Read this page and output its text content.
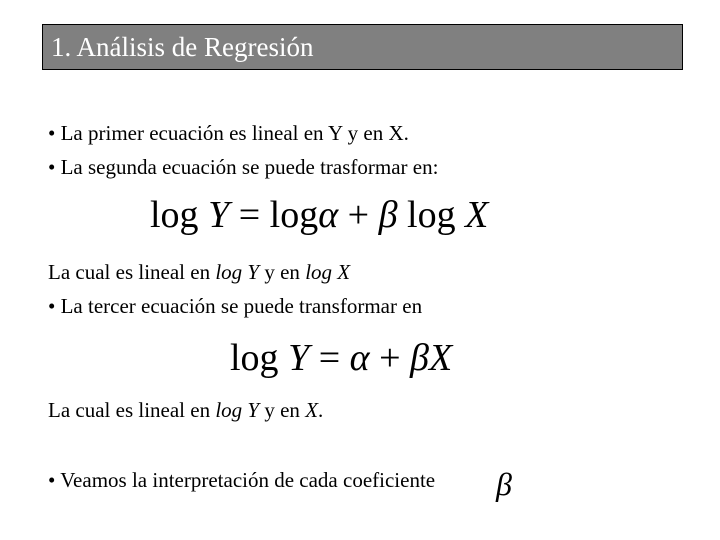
1. Análisis de Regresión
• La primer ecuación es lineal en Y y en X.
• La segunda ecuación se puede trasformar en:
log Y = logα + β log X
La cual es lineal en log Y y en log X
• La tercer ecuación se puede transformar en
log Y = α + βX
La cual es lineal en log Y y en X.
• Veamos la interpretación de cada coeficiente β
